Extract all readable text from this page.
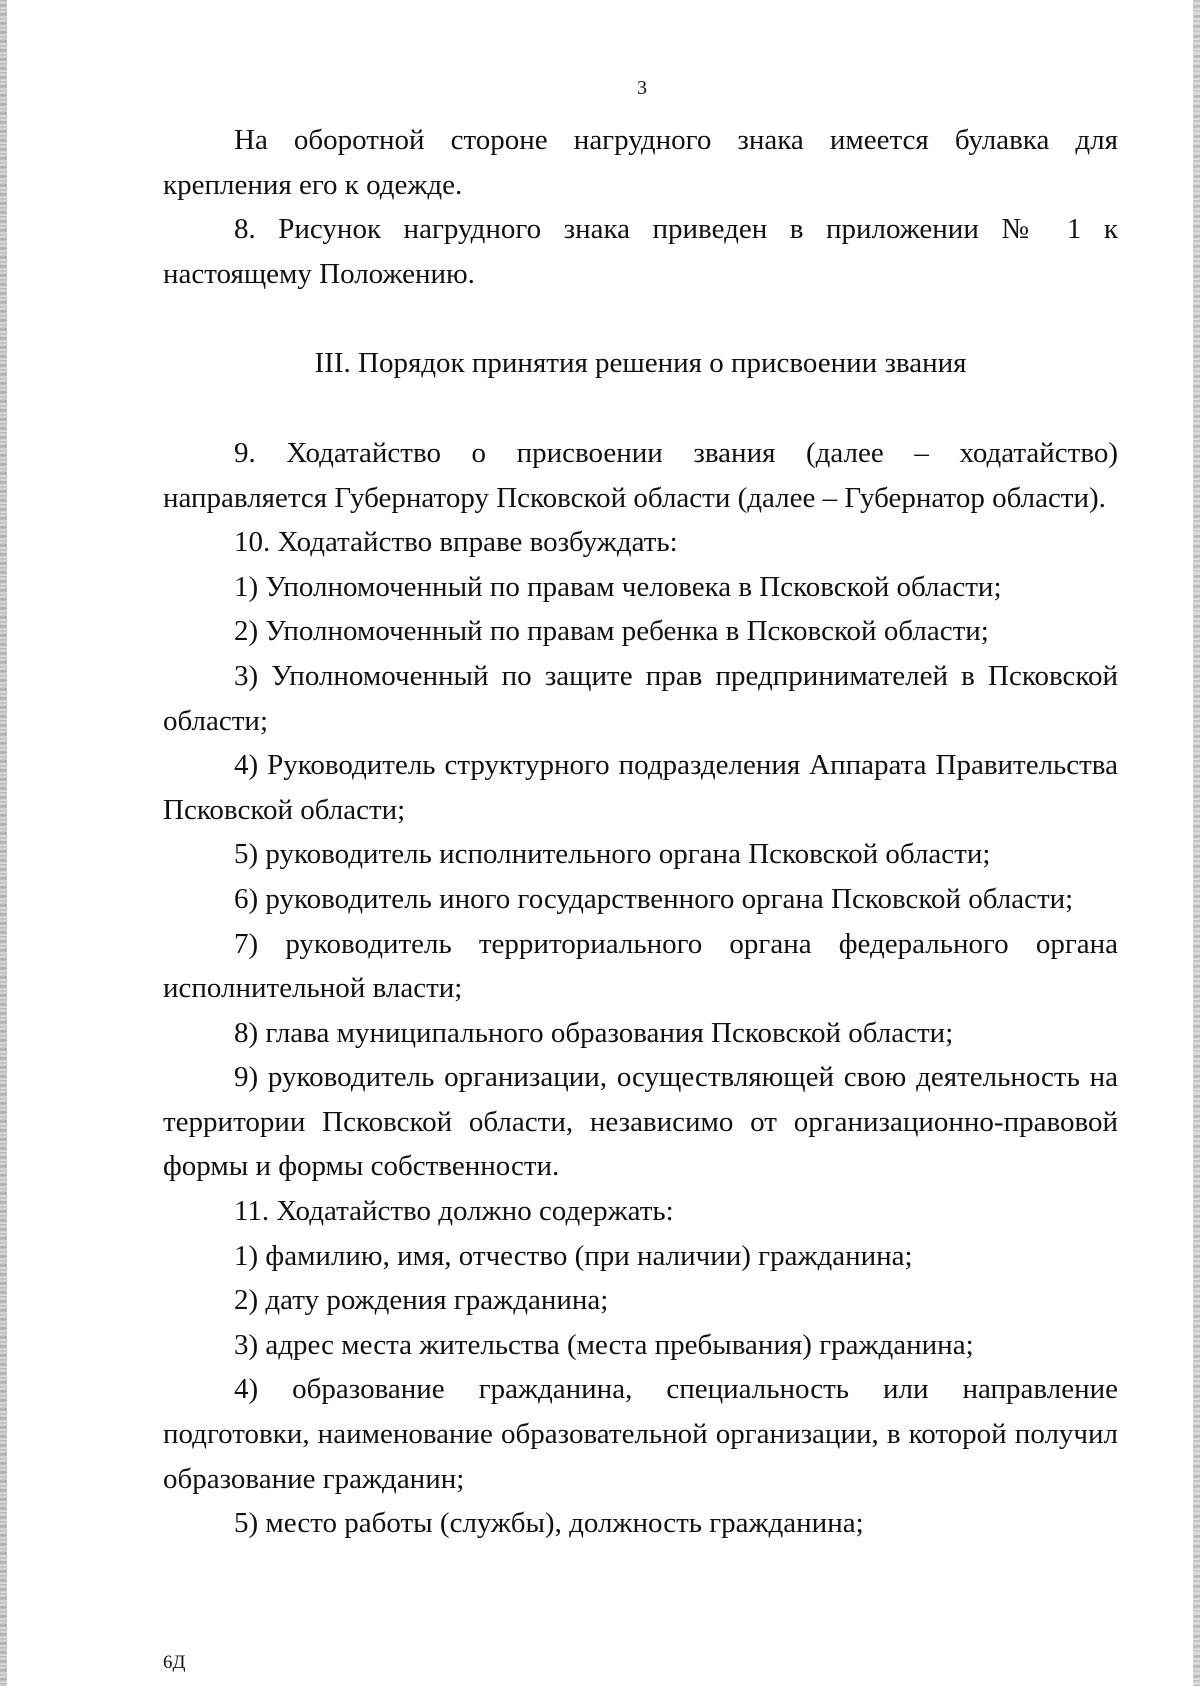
3

На оборотной стороне нагрудного знака имеется булавка для крепления его к одежде.

8. Рисунок нагрудного знака приведен в приложении № 1 к настоящему Положению.

III. Порядок принятия решения о присвоении звания

9. Ходатайство о присвоении звания (далее – ходатайство) направляется Губернатору Псковской области (далее – Губернатор области).

10. Ходатайство вправе возбуждать:

1) Уполномоченный по правам человека в Псковской области;

2) Уполномоченный по правам ребенка в Псковской области;

3) Уполномоченный по защите прав предпринимателей в Псковской области;

4) Руководитель структурного подразделения Аппарата Правительства Псковской области;

5) руководитель исполнительного органа Псковской области;

6) руководитель иного государственного органа Псковской области;

7) руководитель территориального органа федерального органа исполнительной власти;

8) глава муниципального образования Псковской области;

9) руководитель организации, осуществляющей свою деятельность на территории Псковской области, независимо от организационно-правовой формы и формы собственности.

11. Ходатайство должно содержать:

1) фамилию, имя, отчество (при наличии) гражданина;

2) дату рождения гражданина;

3) адрес места жительства (места пребывания) гражданина;

4) образование гражданина, специальность или направление подготовки, наименование образовательной организации, в которой получил образование гражданин;

5) место работы (службы), должность гражданина;

6Д
